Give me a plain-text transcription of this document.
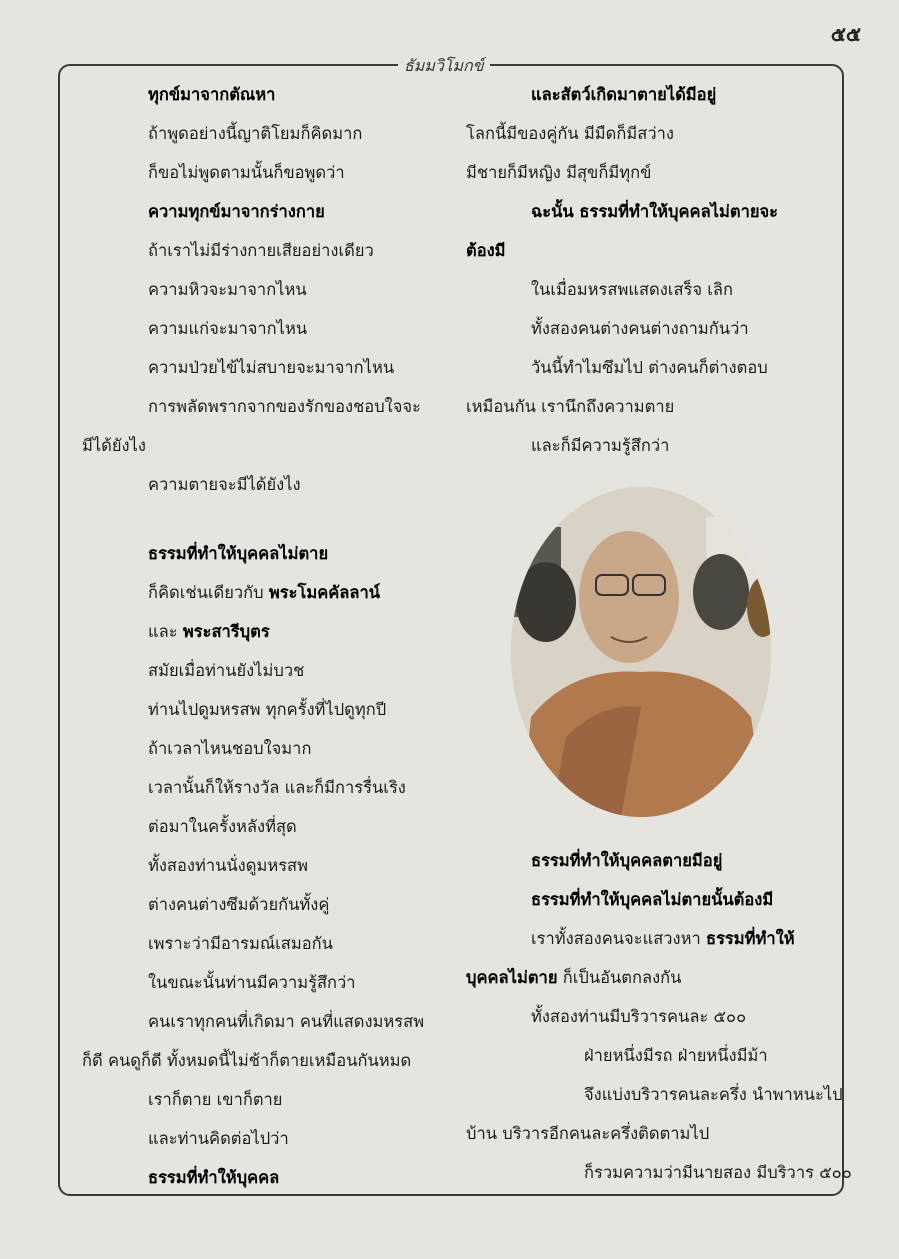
๕๕
ธัมมวิโมกข์
ทุกข์มาจากตัณหา
ถ้าพูดอย่างนี้ญาติโยมก็คิดมาก
ก็ขอไม่พูดตามนั้นก็ขอพูดว่า
ความทุกข์มาจากร่างกาย
ถ้าเราไม่มีร่างกายเสียอย่างเดียว
ความหิวจะมาจากไหน
ความแก่จะมาจากไหน
ความป่วยไข้ไม่สบายจะมาจากไหน
การพลัดพรากจากของรักของชอบใจจะ
มีได้ยังไง
ความตายจะมีได้ยังไง
ธรรมที่ทำให้บุคคลไม่ตาย
ก็คิดเช่นเดียวกับ พระโมคคัลลาน์
และ พระสารีบุตร
สมัยเมื่อท่านยังไม่บวช
ท่านไปดูมหรสพ ทุกครั้งที่ไปดูทุกปี
ถ้าเวลาไหนชอบใจมาก
เวลานั้นก็ให้รางวัล และก็มีการรื่นเริง
ต่อมาในครั้งหลังที่สุด
ทั้งสองท่านนั่งดูมหรสพ
ต่างคนต่างซึมด้วยกันทั้งคู่
เพราะว่ามีอารมณ์เสมอกัน
ในขณะนั้นท่านมีความรู้สึกว่า
คนเราทุกคนที่เกิดมา คนที่แสดงมหรสพ
ก็ดี คนดูก็ดี ทั้งหมดนี้ไม่ช้าก็ตายเหมือนกันหมด
เราก็ตาย เขาก็ตาย
และท่านคิดต่อไปว่า
ธรรมที่ทำให้บุคคล
และสัตว์เกิดมาตายได้มีอยู่
โลกนี้มีของคู่กัน มีมืดก็มีสว่าง
มีชายก็มีหญิง มีสุขก็มีทุกข์
ฉะนั้น ธรรมที่ทำให้บุคคลไม่ตายจะ
ต้องมี
ในเมื่อมหรสพแสดงเสร็จ เลิก
ทั้งสองคนต่างคนต่างถามกันว่า
วันนี้ทำไมซึมไป ต่างคนก็ต่างตอบ
เหมือนกัน เรานึกถึงความตาย
และก็มีความรู้สึกว่า
ธรรมที่ทำให้บุคคลตายมีอยู่
ธรรมที่ทำให้บุคคลไม่ตายนั้นต้องมี
เราทั้งสองคนจะแสวงหา ธรรมที่ทำให้
บุคคลไม่ตาย ก็เป็นอันตกลงกัน
ทั้งสองท่านมีบริวารคนละ ๕๐๐
ฝ่ายหนึ่งมีรถ ฝ่ายหนึ่งมีม้า
จึงแบ่งบริวารคนละครึ่ง นำพาหนะไป
บ้าน บริวารอีกคนละครึ่งติดตามไป
ก็รวมความว่ามีนายสอง มีบริวาร ๕๐๐
